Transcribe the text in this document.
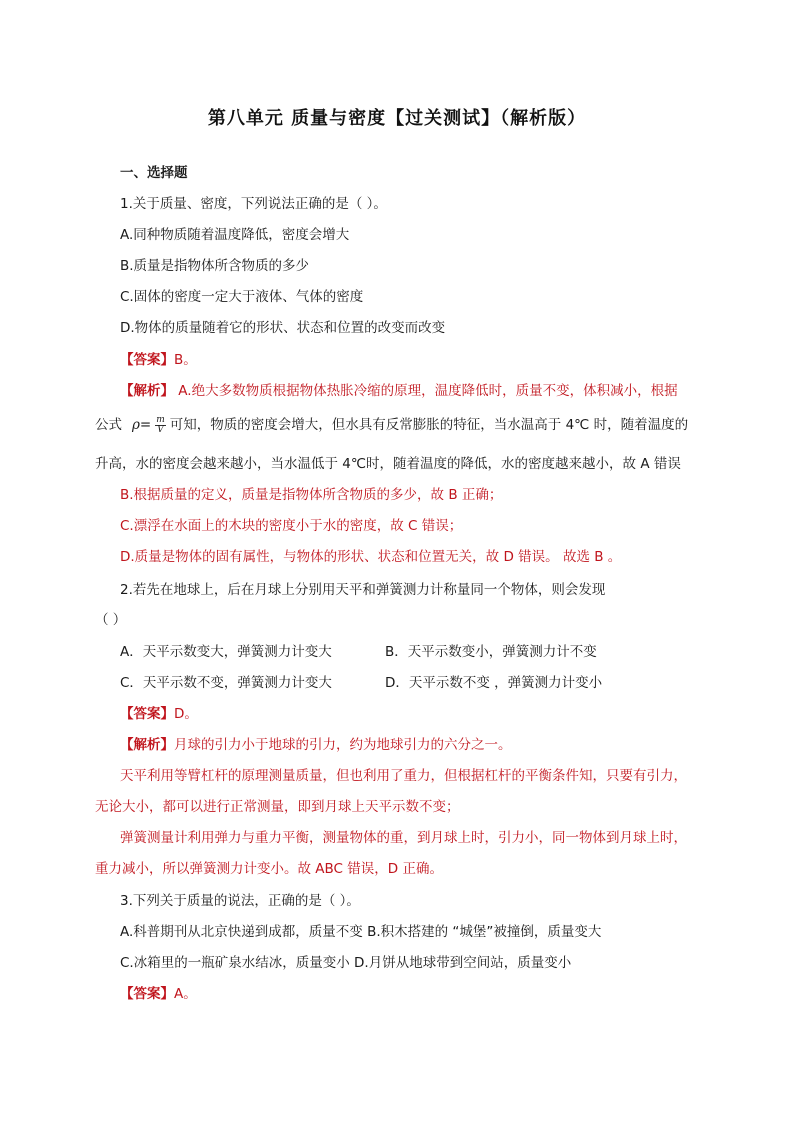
第八单元 质量与密度【过关测试】（解析版）
一、选择题
1.关于质量、密度，下列说法正确的是（ ）。
A.同种物质随着温度降低，密度会增大
B.质量是指物体所含物质的多少
C.固体的密度一定大于液体、气体的密度
D.物体的质量随着它的形状、状态和位置的改变而改变
【答案】B。
【解析】 A.绝大多数物质根据物体热胀冷缩的原理，温度降低时，质量不变，体积减小，根据
公式 $\rho= \frac{m}{V}$ 可知，物质的密度会增大，但水具有反常膨胀的特征，当水温高于 4℃ 时，随着温度的
升高，水的密度会越来越小，当水温低于 4℃时，随着温度的降低，水的密度越来越小，故 A 错误
B.根据质量的定义，质量是指物体所含物质的多少，故 B 正确；
C.漂浮在水面上的木块的密度小于水的密度，故 C 错误；
D.质量是物体的固有属性，与物体的形状、状态和位置无关，故 D 错误。 故选 B 。
2.若先在地球上，后在月球上分别用天平和弹簧测力计称量同一个物体，则会发现
（ ）
A．天平示数变大，弹簧测力计变大	B．天平示数变小，弹簧测力计不变
C．天平示数不变，弹簧测力计变大	D．天平示数不变 ，弹簧测力计变小
【答案】D。
【解析】月球的引力小于地球的引力，约为地球引力的六分之一。
天平利用等臂杠杆的原理测量质量，但也利用了重力，但根据杠杆的平衡条件知，只要有引力，
无论大小，都可以进行正常测量，即到月球上天平示数不变；
弹簧测量计利用弹力与重力平衡，测量物体的重，到月球上时，引力小，同一物体到月球上时，
重力减小，所以弹簧测力计变小。故 ABC 错误，D 正确。
3.下列关于质量的说法，正确的是（ ）。
A.科普期刊从北京快递到成都，质量不变 B.积木搭建的 “城堡”被撞倒，质量变大
C.冰箱里的一瓶矿泉水结冰，质量变小 D.月饼从地球带到空间站，质量变小
【答案】A。
